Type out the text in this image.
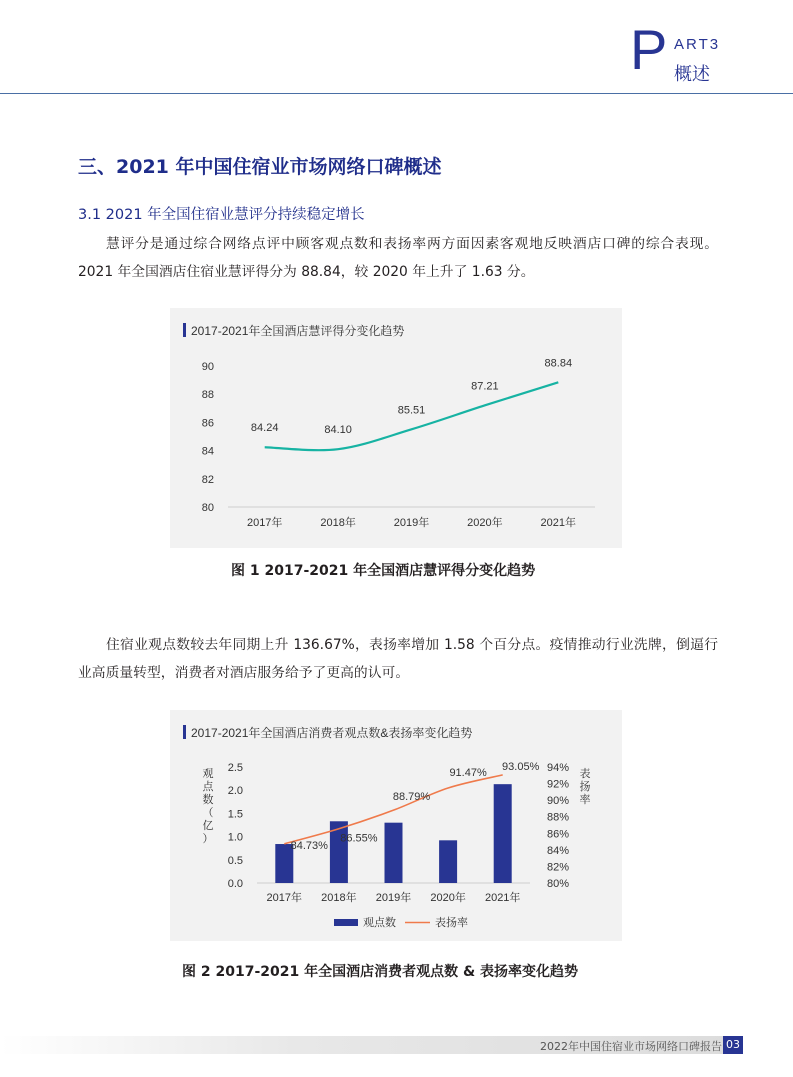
P ART3
概述
三、2021 年中国住宿业市场网络口碑概述
3.1 2021 年全国住宿业慧评分持续稳定增长
慧评分是通过综合网络点评中顾客观点数和表扬率两方面因素客观地反映酒店口碑的综合表现。2021 年全国酒店住宿业慧评得分为 88.84，较 2020 年上升了 1.63 分。
2017-2021年全国酒店慧评得分变化趋势
90
88
86
84
82
80
2017年	2018年	2019年	2020年	2021年
84.24	84.10
85.51
87.21
88.84
图 1 2017-2021 年全国酒店慧评得分变化趋势
住宿业观点数较去年同期上升 136.67%，表扬率增加 1.58 个百分点。疫情推动行业洗牌，倒逼行业高质量转型，消费者对酒店服务给予了更高的认可。
2017-2021年全国酒店消费者观点数&表扬率变化趋势
观
点
数
（
亿
）
表
扬
率
2.5
2.0
1.5
1.0
0.5
0.0
94%
92%
90%
88%
86%
84%
82%
80%
2017年 2018年 2019年 2020年 2021年
84.73%
86.55%
88.79%
91.47%
93.05%
观点数	表扬率
图 2 2017-2021 年全国酒店消费者观点数 & 表扬率变化趋势
2022年中国住宿业市场网络口碑报告 03
